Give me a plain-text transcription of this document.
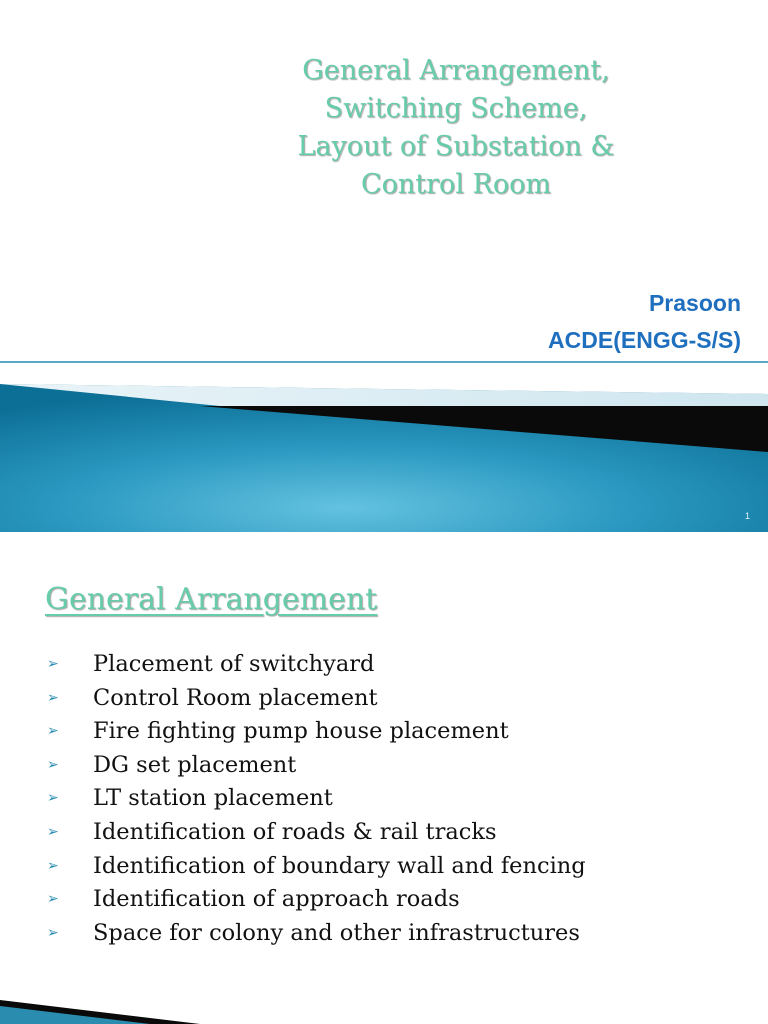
General Arrangement,
Switching Scheme,
Layout of Substation &
Control Room
Prasoon
ACDE(ENGG-S/S)
1
General Arrangement
➢ Placement of switchyard
➢ Control Room placement
➢ Fire fighting pump house placement
➢ DG set placement
➢ LT station placement
➢ Identification of roads & rail tracks
➢ Identification of boundary wall and fencing
➢ Identification of approach roads
➢ Space for colony and other infrastructures
